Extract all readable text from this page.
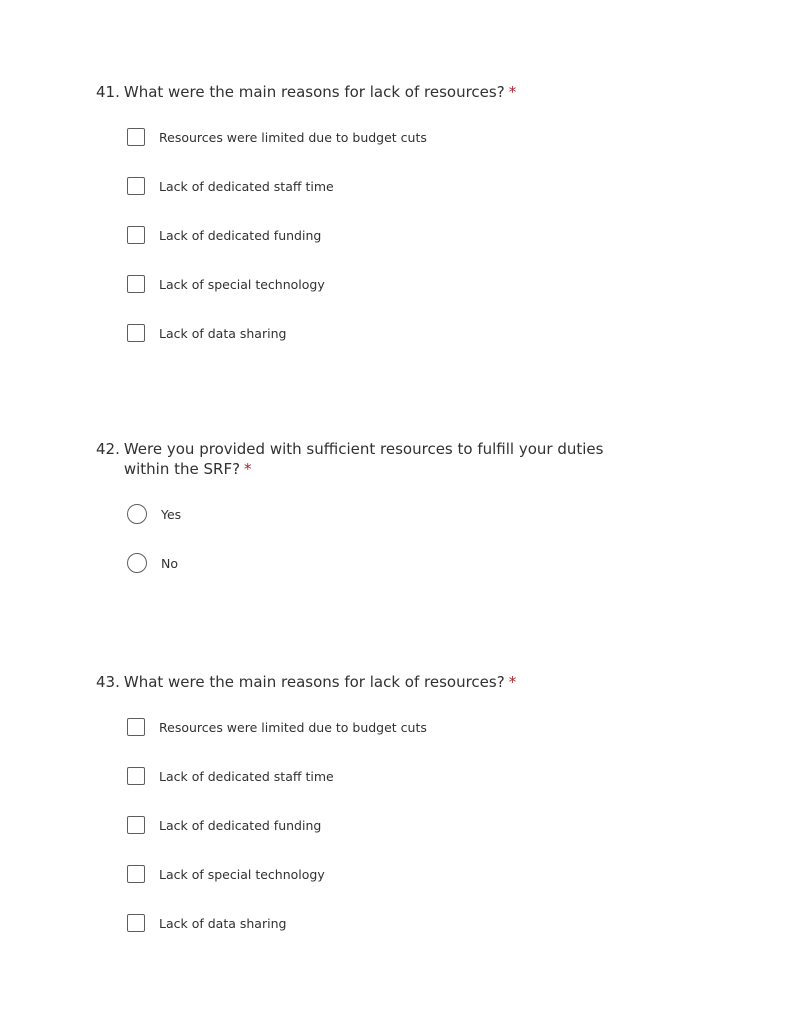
41. What were the main reasons for lack of resources? *
Resources were limited due to budget cuts
Lack of dedicated staff time
Lack of dedicated funding
Lack of special technology
Lack of data sharing
42. Were you provided with sufficient resources to fulfill your duties within the SRF? *
Yes
No
43. What were the main reasons for lack of resources? *
Resources were limited due to budget cuts
Lack of dedicated staff time
Lack of dedicated funding
Lack of special technology
Lack of data sharing
